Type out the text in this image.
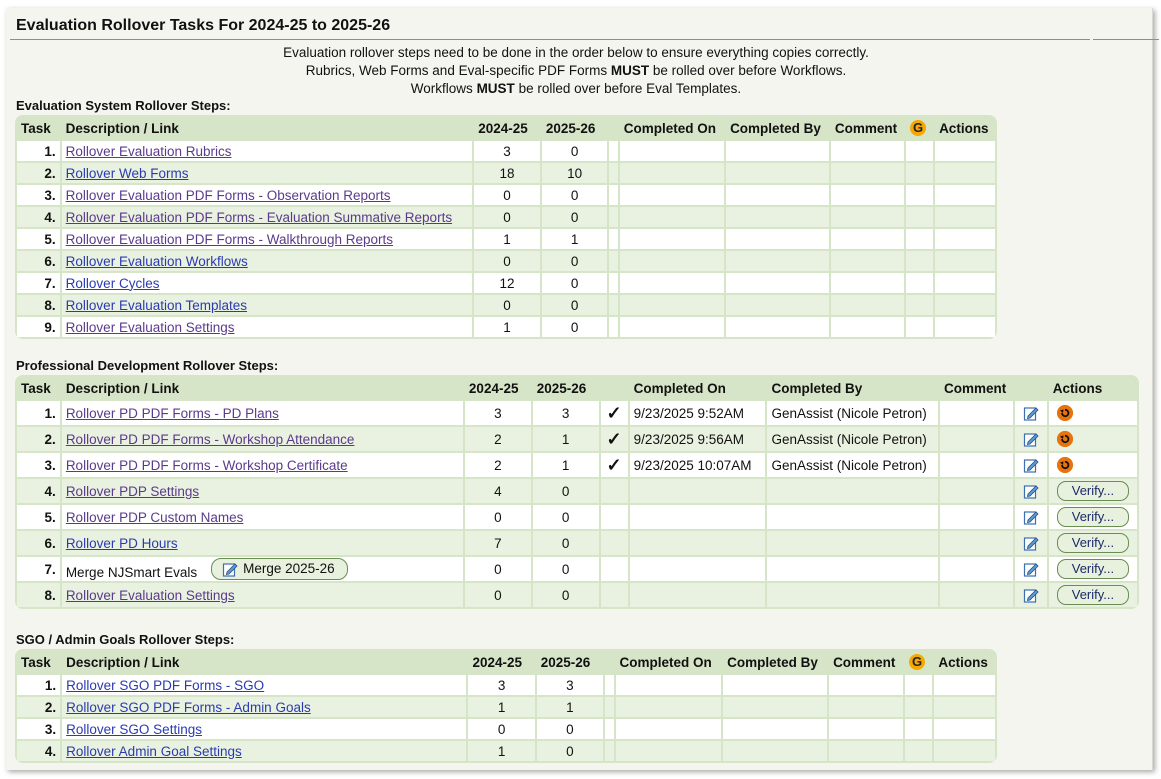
Evaluation Rollover Tasks For 2024-25 to 2025-26
Evaluation rollover steps need to be done in the order below to ensure everything copies correctly.
Rubrics, Web Forms and Eval-specific PDF Forms MUST be rolled over before Workflows.
Workflows MUST be rolled over before Eval Templates.
Evaluation System Rollover Steps:
Task	Description / Link	2024-25	2025-26		Completed On	Completed By	Comment	G	Actions
1.	Rollover Evaluation Rubrics	3	0						
2.	Rollover Web Forms	18	10						
3.	Rollover Evaluation PDF Forms - Observation Reports	0	0						
4.	Rollover Evaluation PDF Forms - Evaluation Summative Reports	0	0						
5.	Rollover Evaluation PDF Forms - Walkthrough Reports	1	1						
6.	Rollover Evaluation Workflows	0	0						
7.	Rollover Cycles	12	0						
8.	Rollover Evaluation Templates	0	0						
9.	Rollover Evaluation Settings	1	0						
Professional Development Rollover Steps:
Task	Description / Link	2024-25	2025-26		Completed On	Completed By	Comment		Actions
1.	Rollover PD PDF Forms - PD Plans	3	3	✓	9/23/2025 9:52AM	GenAssist (Nicole Petron)			
2.	Rollover PD PDF Forms - Workshop Attendance	2	1	✓	9/23/2025 9:56AM	GenAssist (Nicole Petron)			
3.	Rollover PD PDF Forms - Workshop Certificate	2	1	✓	9/23/2025 10:07AM	GenAssist (Nicole Petron)			
4.	Rollover PDP Settings	4	0						Verify...
5.	Rollover PDP Custom Names	0	0						Verify...
6.	Rollover PD Hours	7	0						Verify...
7.	Merge NJSmart Evals Merge 2025-26	0	0						Verify...
8.	Rollover Evaluation Settings	0	0						Verify...
SGO / Admin Goals Rollover Steps:
Task	Description / Link	2024-25	2025-26		Completed On	Completed By	Comment	G	Actions
1.	Rollover SGO PDF Forms - SGO	3	3						
2.	Rollover SGO PDF Forms - Admin Goals	1	1						
3.	Rollover SGO Settings	0	0						
4.	Rollover Admin Goal Settings	1	0						
